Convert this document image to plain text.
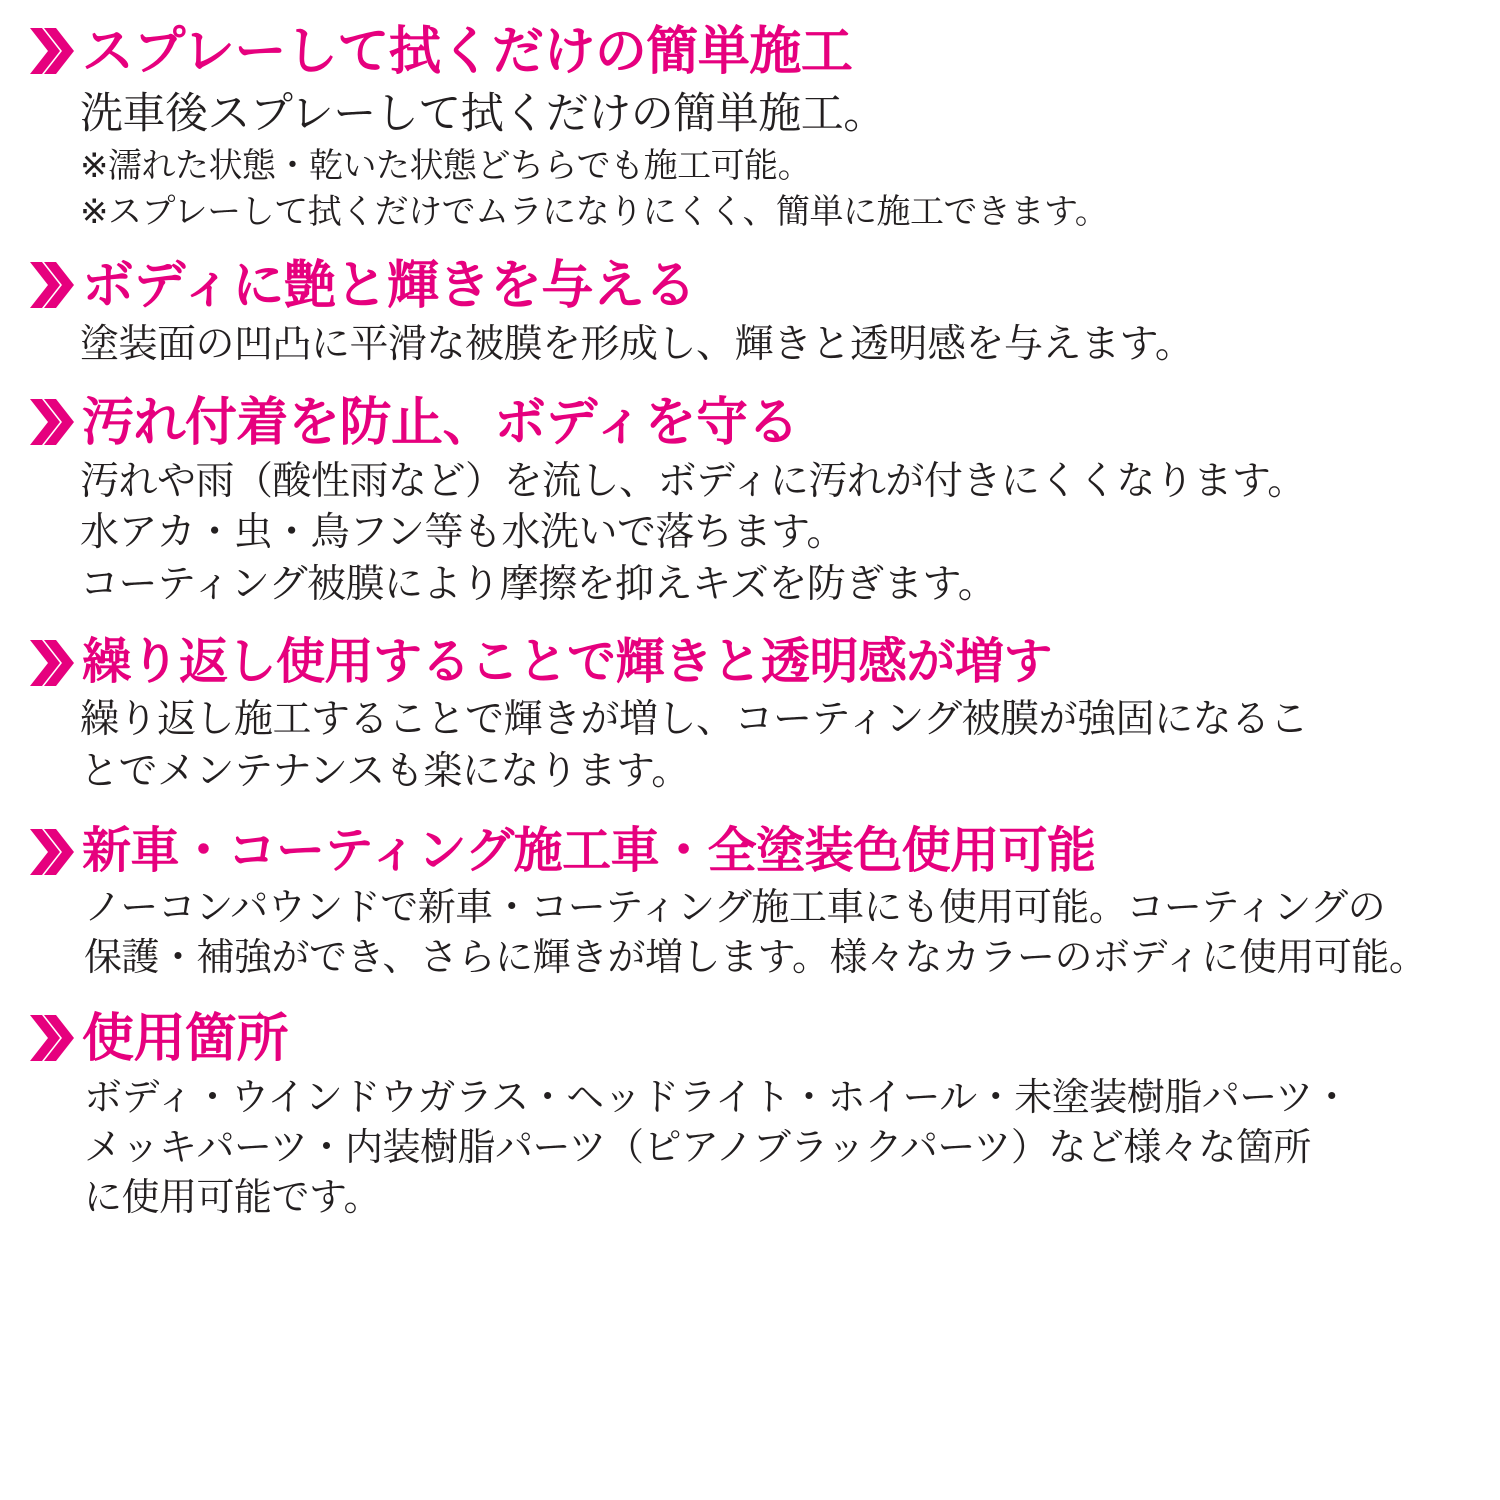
スプレーして拭くだけの簡単施工
洗車後スプレーして拭くだけの簡単施工。
※濡れた状態・乾いた状態どちらでも施工可能。
※スプレーして拭くだけでムラになりにくく、簡単に施工できます。
ボディに艶と輝きを与える
塗装面の凹凸に平滑な被膜を形成し、輝きと透明感を与えます。
汚れ付着を防止、ボディを守る
汚れや雨（酸性雨など）を流し、ボディに汚れが付きにくくなります。
水アカ・虫・鳥フン等も水洗いで落ちます。
コーティング被膜により摩擦を抑えキズを防ぎます。
繰り返し使用することで輝きと透明感が増す
繰り返し施工することで輝きが増し、コーティング被膜が強固になるこ
とでメンテナンスも楽になります。
新車・コーティング施工車・全塗装色使用可能
ノーコンパウンドで新車・コーティング施工車にも使用可能。コーティングの
保護・補強ができ、さらに輝きが増します。様々なカラーのボディに使用可能。
使用箇所
ボディ・ウインドウガラス・ヘッドライト・ホイール・未塗装樹脂パーツ・
メッキパーツ・内装樹脂パーツ（ピアノブラックパーツ）など様々な箇所
に使用可能です。
